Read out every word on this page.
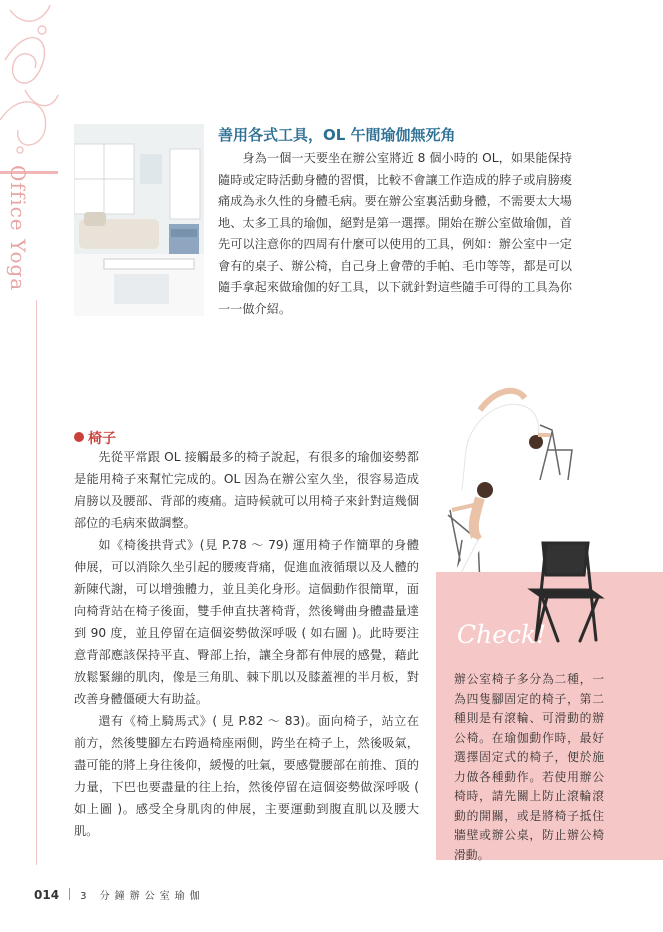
Office Yoga
善用各式工具，OL 午間瑜伽無死角

身為一個一天要坐在辦公室將近 8 個小時的 OL，如果能保持隨時或定時活動身體的習慣，比較不會讓工作造成的脖子或肩膀痠痛成為永久性的身體毛病。要在辦公室裏活動身體，不需要太大場地、太多工具的瑜伽，絕對是第一選擇。開始在辦公室做瑜伽，首先可以注意你的四周有什麼可以使用的工具，例如：辦公室中一定會有的桌子、辦公椅，自己身上會帶的手帕、毛巾等等，都是可以隨手拿起來做瑜伽的好工具，以下就針對這些隨手可得的工具為你一一做介紹。

Check!
辦公室椅子多分為二種，一為四隻腳固定的椅子，第二種則是有滾輪、可滑動的辦公椅。在瑜伽動作時，最好選擇固定式的椅子，便於施力做各種動作。若使用辦公椅時，請先關上防止滾輪滾動的開關，或是將椅子抵住牆壁或辦公桌，防止辦公椅滑動。
椅子

先從平常跟 OL 接觸最多的椅子說起，有很多的瑜伽姿勢都是能用椅子來幫忙完成的。OL 因為在辦公室久坐，很容易造成肩膀以及腰部、背部的痠痛。這時候就可以用椅子來針對這幾個部位的毛病來做調整。

如《椅後拱背式》(見 P.78 ～ 79) 運用椅子作簡單的身體伸展，可以消除久坐引起的腰痠背痛，促進血液循環以及人體的新陳代謝，可以增強體力，並且美化身形。這個動作很簡單，面向椅背站在椅子後面，雙手伸直扶著椅背，然後彎曲身體盡量達到 90 度，並且停留在這個姿勢做深呼吸 ( 如右圖 )。此時要注意背部應該保持平直、臀部上抬，讓全身都有伸展的感覺，藉此放鬆緊繃的肌肉，像是三角肌、棘下肌以及膝蓋裡的半月板，對改善身體僵硬大有助益。

還有《椅上騎馬式》( 見 P.82 ～ 83)。面向椅子，站立在前方，然後雙腳左右跨過椅座兩側，跨坐在椅子上，然後吸氣，盡可能的將上身往後仰，緩慢的吐氣，要感覺腰部在前推、頂的力量，下巴也要盡量的往上抬，然後停留在這個姿勢做深呼吸 ( 如上圖 )。感受全身肌肉的伸展，主要運動到腹直肌以及腰大肌。

014 3 分鐘辦公室瑜伽
